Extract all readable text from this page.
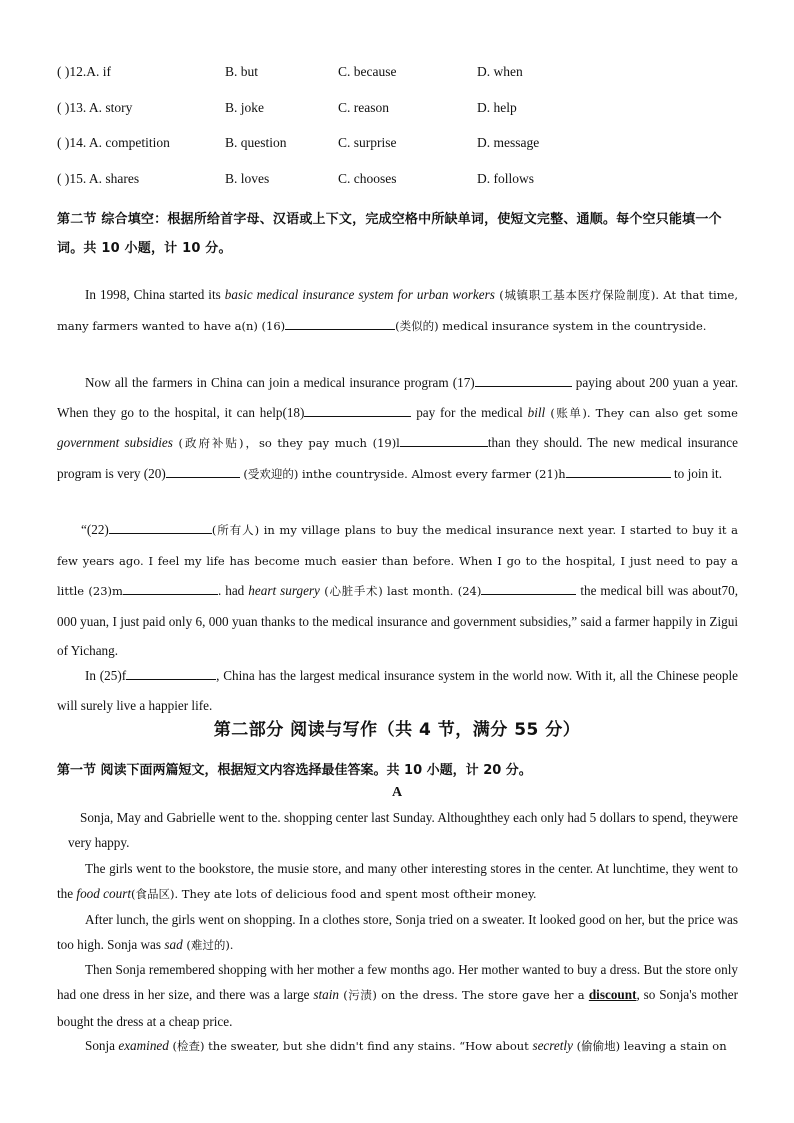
( )12.A. if	B. but	C. because	D. when
( )13. A. story	B. joke	C. reason	D. help
( )14. A. competition	B. question	C. surprise	D. message
( )15. A. shares	B. loves	C. chooses	D. follows
第二节 综合填空：根据所给首字母、汉语或上下文，完成空格中所缺单词，使短文完整、通顺。每个空只能填一个词。共 10 小题，计 10 分。
In 1998, China started its basic medical insurance system for urban workers (城镇职工基本医疗保险制度). At that time, many farmers wanted to have a(n) (16)	(类似的) medical insurance system in the countryside.
Now all the farmers in China can join a medical insurance program (17)	paying about 200 yuan a year. When they go to the hospital, it can help(18)	pay for the medical bill (账单). They can also get some government subsidies (政府补贴)，so they pay much (19)l	than they should. The new medical insurance program is very (20)	(受欢迎的) inthe countryside. Almost every farmer (21)h	to join it.
“(22)	(所有人) in my village plans to buy the medical insurance next year. I started to buy it a few years ago. I feel my life has become much easier than before. When I go to the hospital, I just need to pay a little (23)m	. had heart surgery (心脏手术) last month. (24)	the medical bill was about70, 000 yuan, I just paid only 6, 000 yuan thanks to the medical insurance and government subsidies,” said a farmer happily in Zigui of Yichang.
In (25)f	, China has the largest medical insurance system in the world now. With it, all the Chinese people will surely live a happier life.
第二部分 阅读与写作（共 4 节，满分 55 分）
第一节 阅读下面两篇短文，根据短文内容选择最佳答案。共 10 小题，计 20 分。
A
Sonja, May and Gabrielle went to the. shopping center last Sunday. Althoughthey each only had 5 dollars to spend, theywere very happy.
The girls went to the bookstore, the musie store, and many other interesting stores in the center. At lunchtime, they went to the food court(食品区). They ate lots of delicious food and spent most oftheir money.
After lunch, the girls went on shopping. In a clothes store, Sonja tried on a sweater. It looked good on her, but the price was too high. Sonja was sad (难过的).
Then Sonja remembered shopping with her mother a few months ago. Her mother wanted to buy a dress. But the store only had one dress in her size, and there was a large stain (污渍) on the dress. The store gave her a discount, so Sonja's mother bought the dress at a cheap price.
Sonja examined (检查) the sweater, but she didn't find any stains. “How about secretly (偷偷地) leaving a stain on
